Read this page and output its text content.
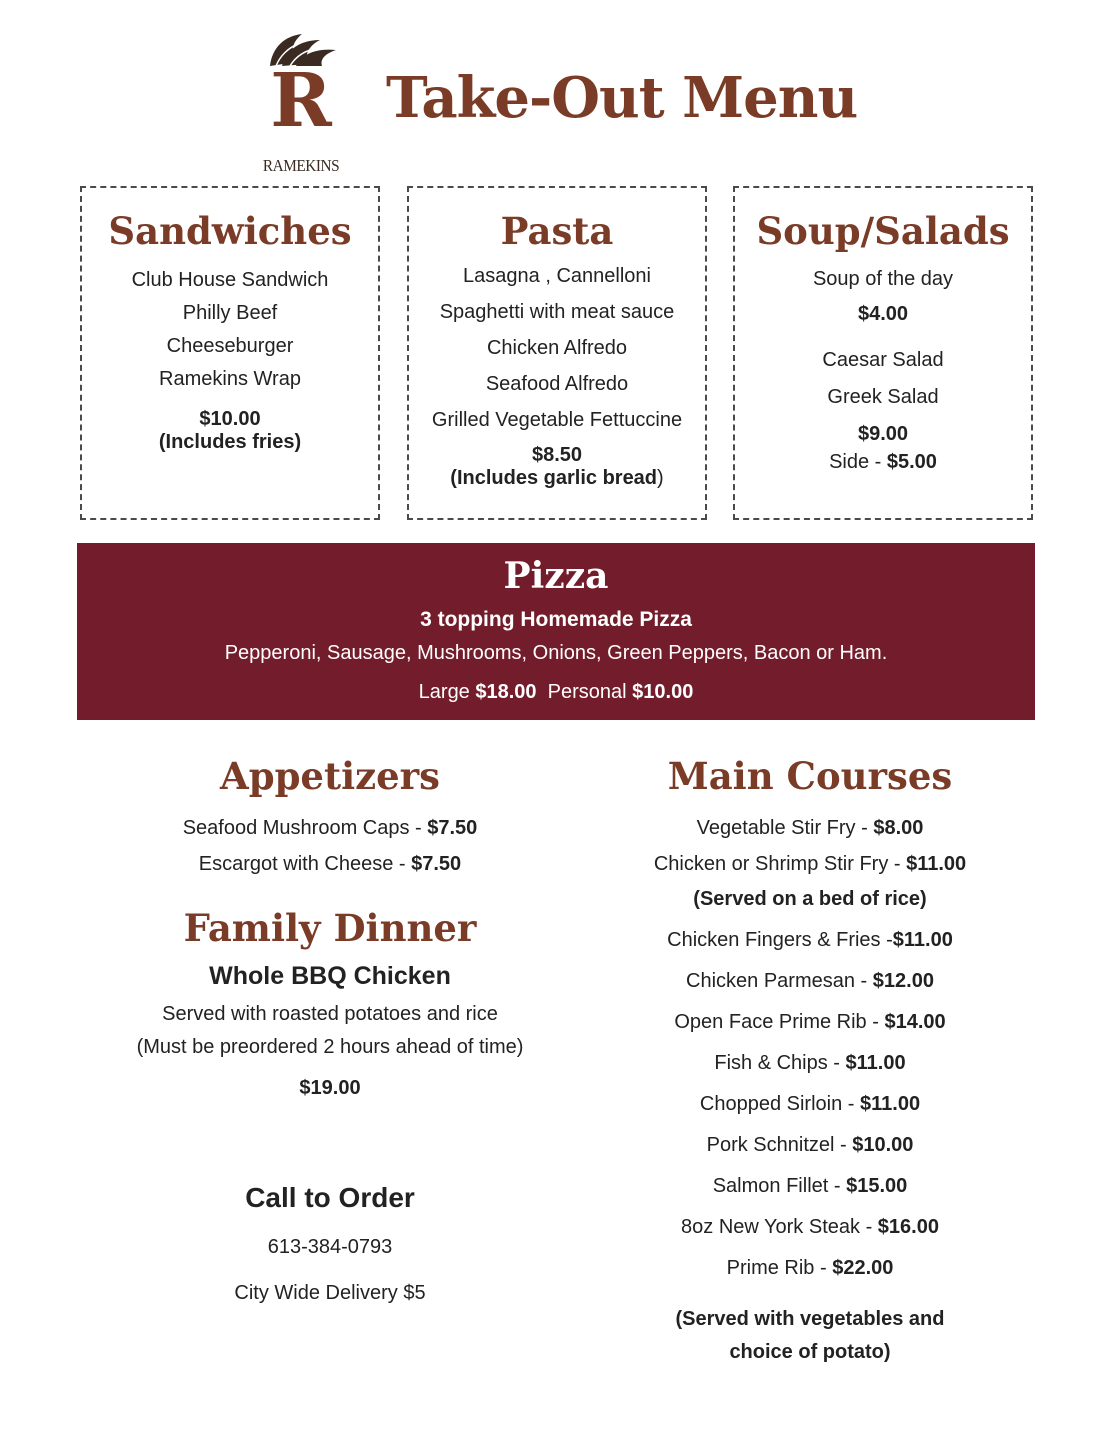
R
RAMEKINS
Take-Out Menu
Sandwiches
Club House Sandwich
Philly Beef
Cheeseburger
Ramekins Wrap
$10.00
(Includes fries)
Pasta
Lasagna , Cannelloni
Spaghetti with meat sauce
Chicken Alfredo
Seafood Alfredo
Grilled Vegetable Fettuccine
$8.50
(Includes garlic bread)
Soup/Salads
Soup of the day
$4.00
Caesar Salad
Greek Salad
$9.00
Side - $5.00
Pizza
3 topping Homemade Pizza
Pepperoni, Sausage, Mushrooms, Onions, Green Peppers, Bacon or Ham.
Large $18.00  Personal $10.00
Appetizers
Seafood Mushroom Caps - $7.50
Escargot with Cheese - $7.50
Family Dinner
Whole BBQ Chicken
Served with roasted potatoes and rice
(Must be preordered 2 hours ahead of time)
$19.00
Call to Order
613-384-0793
City Wide Delivery $5
Main Courses
Vegetable Stir Fry - $8.00
Chicken or Shrimp Stir Fry - $11.00
(Served on a bed of rice)
Chicken Fingers & Fries -$11.00
Chicken Parmesan - $12.00
Open Face Prime Rib - $14.00
Fish & Chips - $11.00
Chopped Sirloin - $11.00
Pork Schnitzel - $10.00
Salmon Fillet - $15.00
8oz New York Steak - $16.00
Prime Rib - $22.00
(Served with vegetables and
choice of potato)
